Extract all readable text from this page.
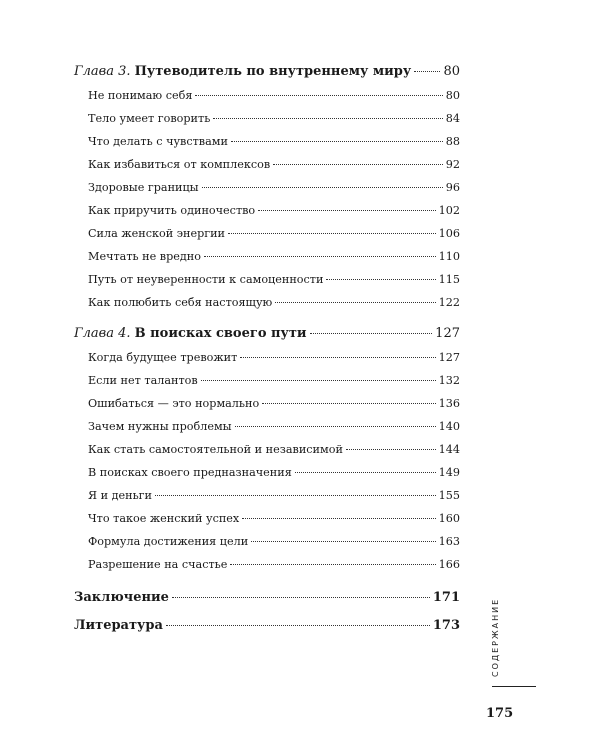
Глава 3. Путеводитель по внутреннему миру 80
Не понимаю себя	80
Тело умеет говорить	84
Что делать с чувствами	88
Как избавиться от комплексов	92
Здоровые границы	96
Как приручить одиночество	102
Сила женской энергии	106
Мечтать не вредно	110
Путь от неуверенности к самоценности	115
Как полюбить себя настоящую	122
Глава 4. В поисках своего пути	127
Когда будущее тревожит	127
Если нет талантов	132
Ошибаться — это нормально	136
Зачем нужны проблемы	140
Как стать самостоятельной и независимой	144
В поисках своего предназначения	149
Я и деньги	155
Что такое женский успех	160
Формула достижения цели	163
Разрешение на счастье	166
Заключение	171
Литература	173	СОДЕРЖАНИЕ
175
